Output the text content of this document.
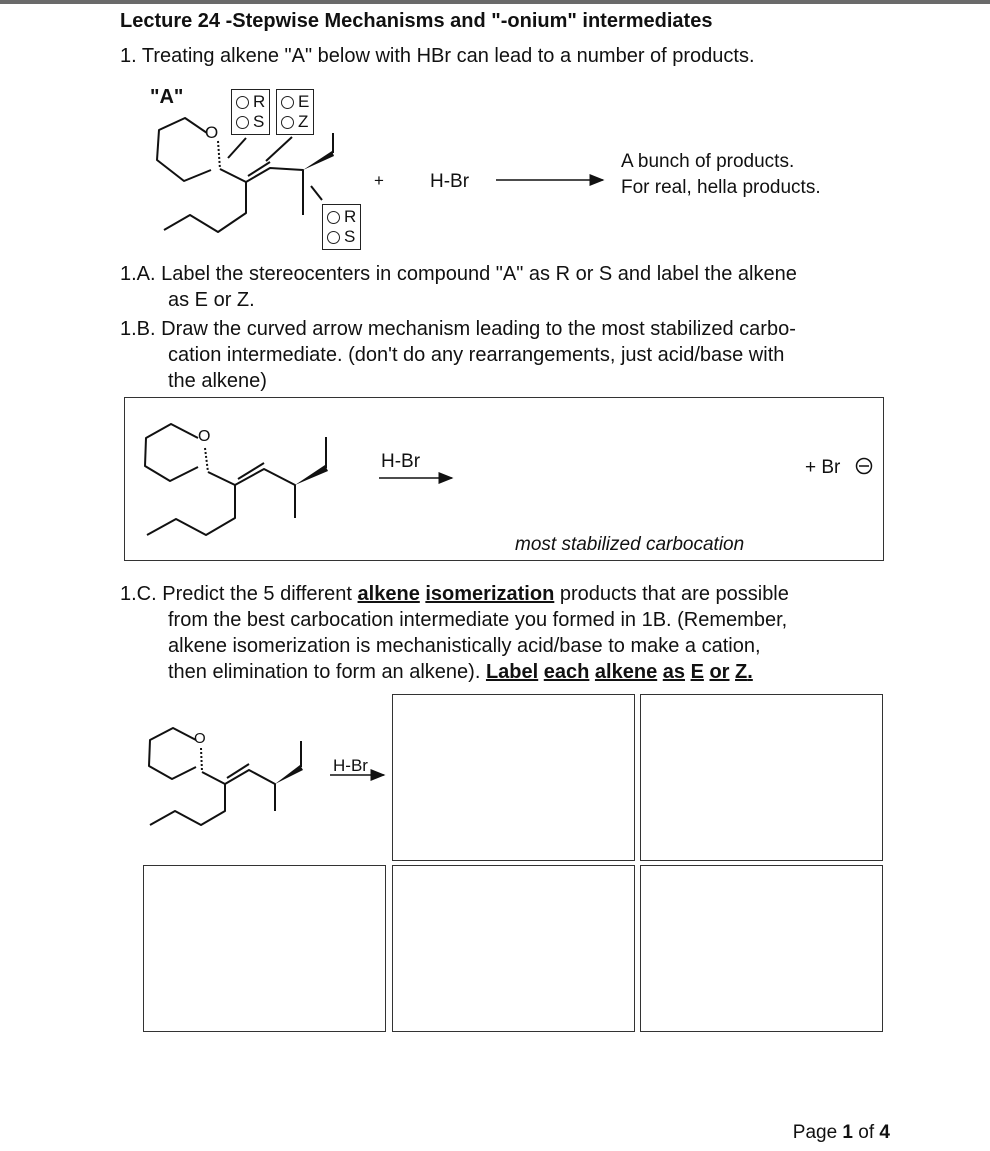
Lecture 24 -Stepwise Mechanisms and "-onium" intermediates
1. Treating alkene "A" below with HBr can lead to a number of products.
"A"	R
S
E
Z
R
S
O
+ H-Br
O
H-Br	+ Br
O
H-Br
A bunch of products.
For real, hella products.
1.A. Label the stereocenters in compound "A" as R or S and label the alkene
as E or Z.
1.B. Draw the curved arrow mechanism leading to the most stabilized carbo-
cation intermediate. (don't do any rearrangements, just acid/base with
the alkene)
most stabilized carbocation
1.C. Predict the 5 different alkene isomerization products that are possible
from the best carbocation intermediate you formed in 1B. (Remember,
alkene isomerization is mechanistically acid/base to make a cation,
then elimination to form an alkene). Label each alkene as E or Z.
Page 1 of 4
